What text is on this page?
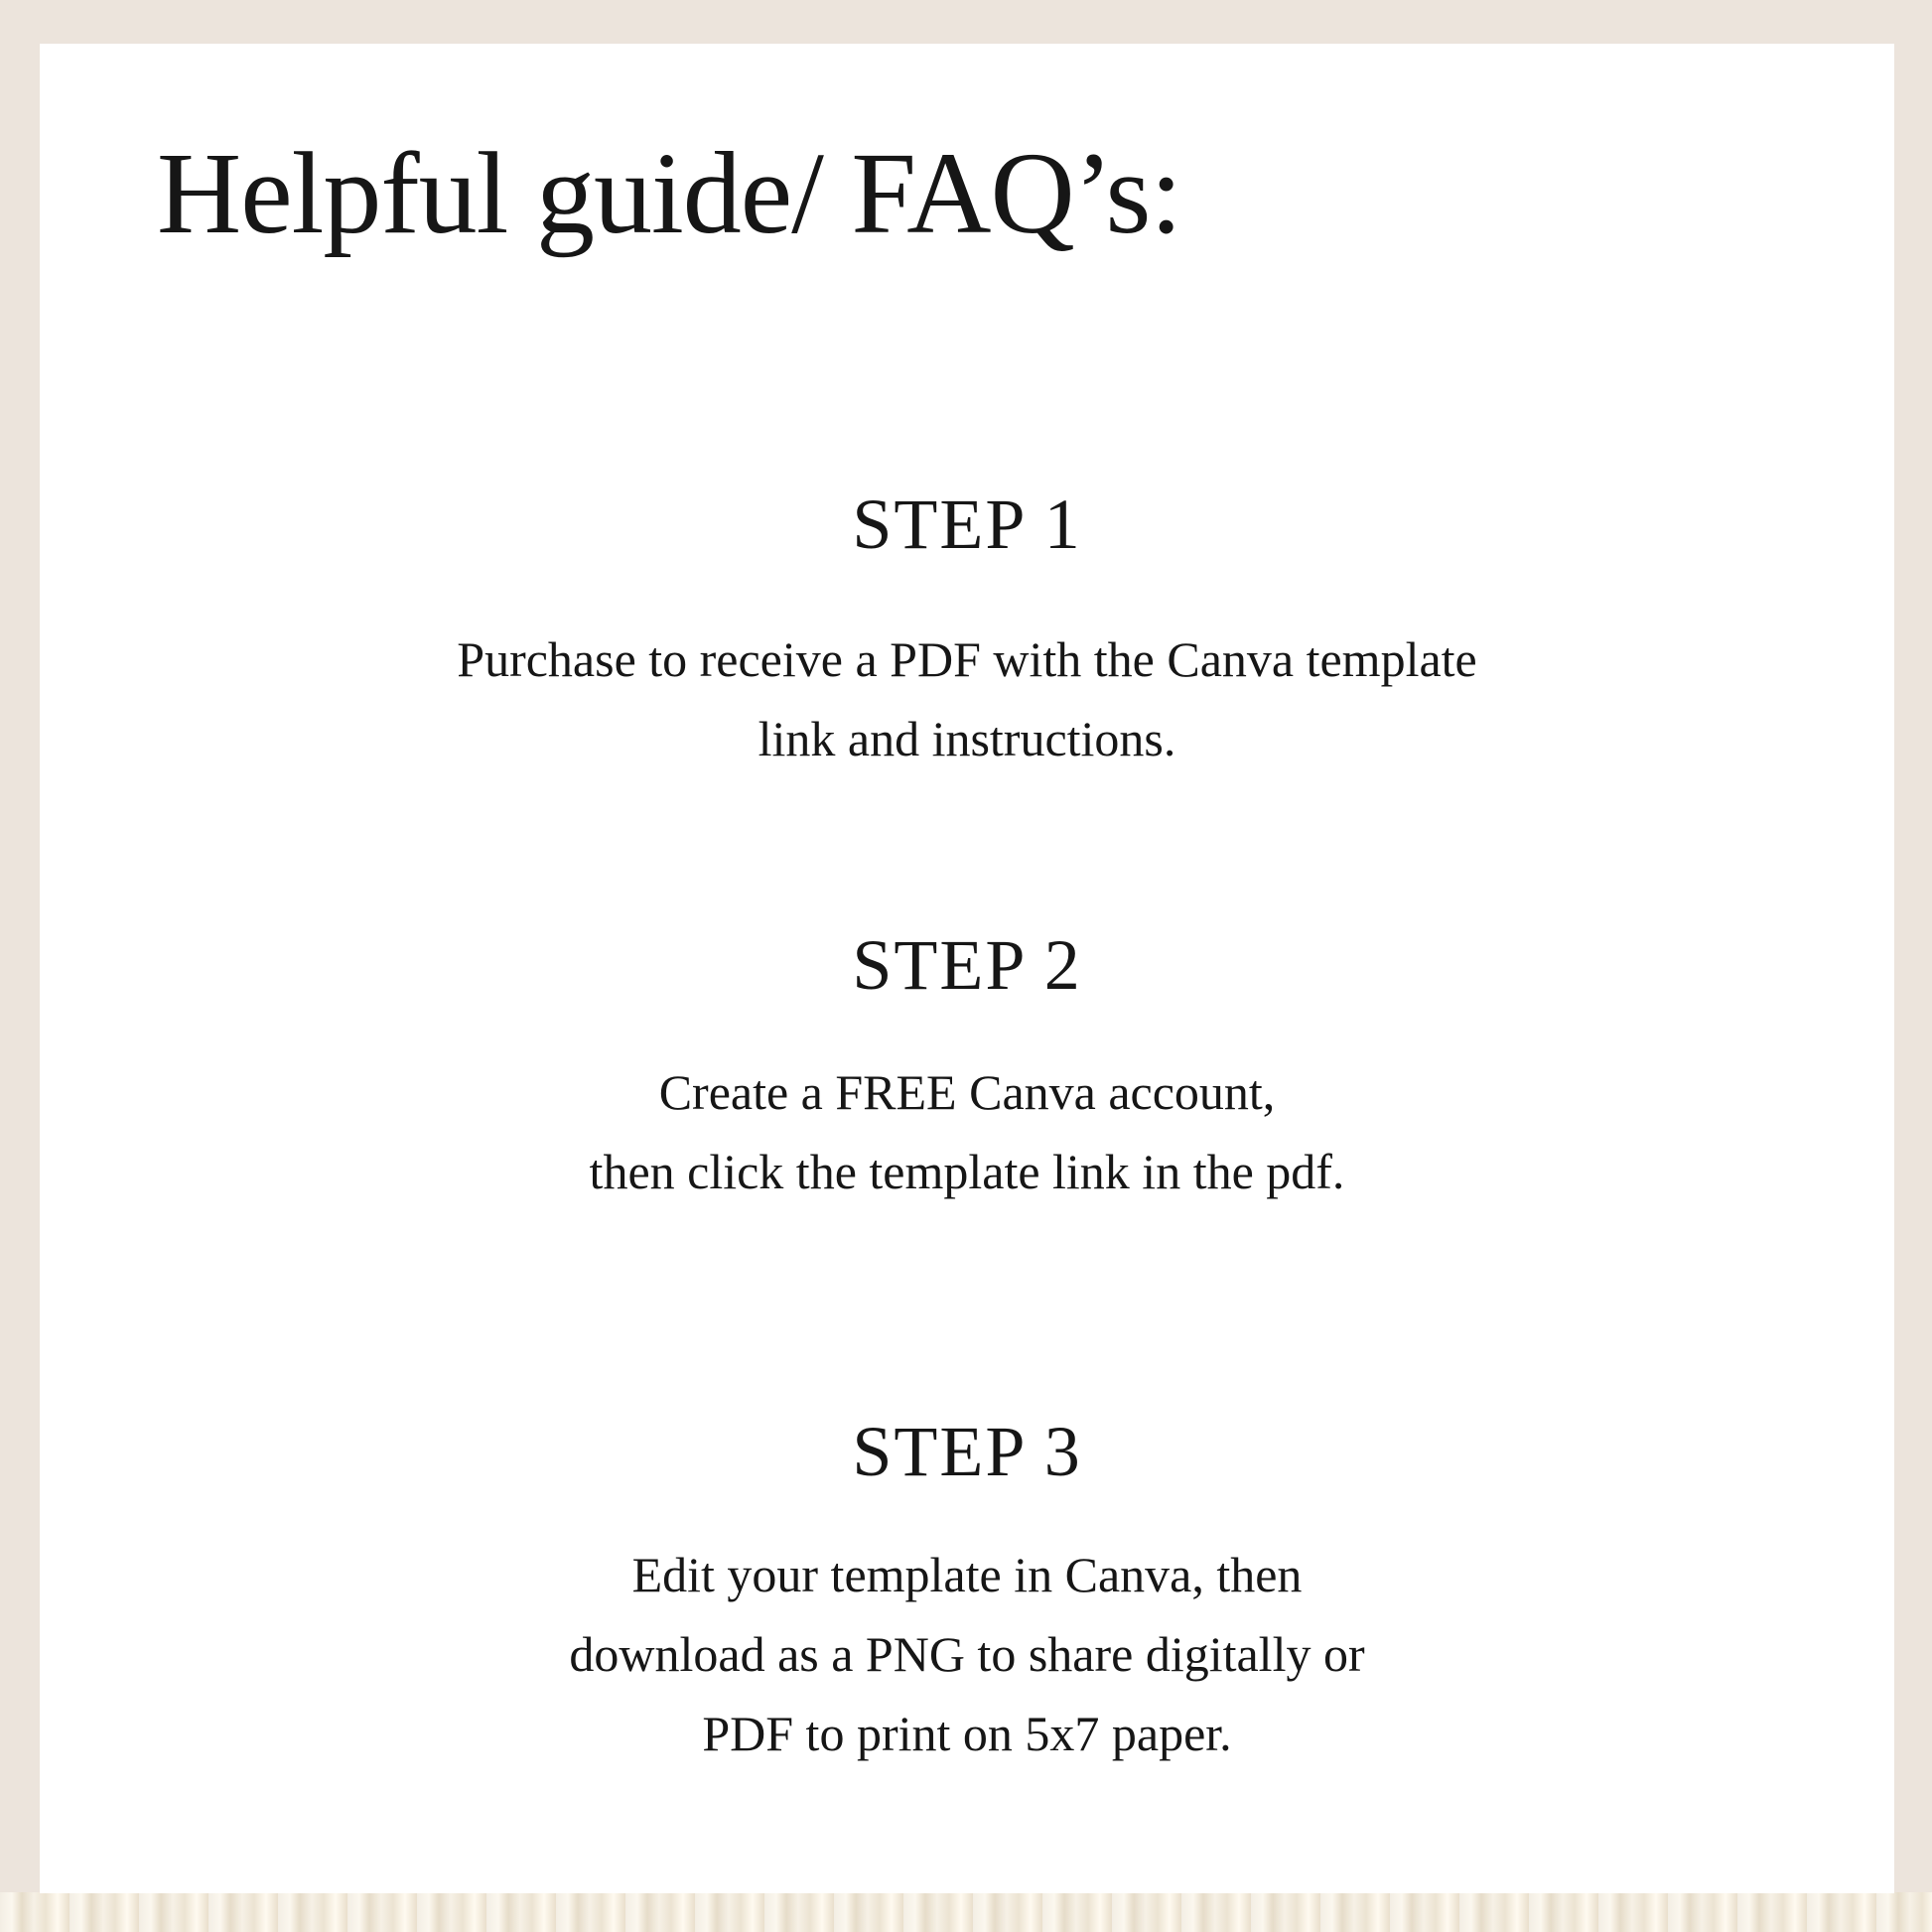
Helpful guide/ FAQ’s:
STEP 1

Purchase to receive a PDF with the Canva template
link and instructions.

STEP 2

Create a FREE Canva account,
then click the template link in the pdf.

STEP 3

Edit your template in Canva, then
download as a PNG to share digitally or
PDF to print on 5x7 paper.
